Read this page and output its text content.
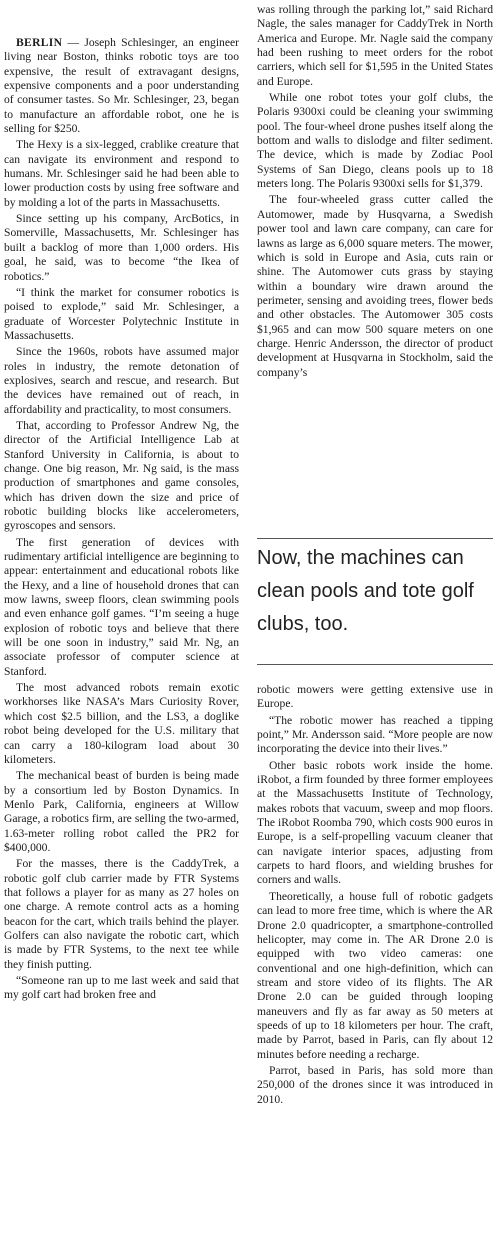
BERLIN — Joseph Schlesinger, an engineer living near Boston, thinks robotic toys are too expensive, the result of extravagant designs, expensive components and a poor understanding of consumer tastes. So Mr. Schlesinger, 23, began to manufacture an affordable robot, one he is selling for $250.

The Hexy is a six-legged, crablike creature that can navigate its environment and respond to humans. Mr. Schlesinger said he had been able to lower production costs by using free software and by molding a lot of the parts in Massachusetts.

Since setting up his company, ArcBotics, in Somerville, Massachusetts, Mr. Schlesinger has built a backlog of more than 1,000 orders. His goal, he said, was to become “the Ikea of robotics.”

“I think the market for consumer robotics is poised to explode,” said Mr. Schlesinger, a graduate of Worcester Polytechnic Institute in Massachusetts.

Since the 1960s, robots have assumed major roles in industry, the remote detonation of explosives, search and rescue, and research. But the devices have remained out of reach, in affordability and practicality, to most consumers.

That, according to Professor Andrew Ng, the director of the Artificial Intelligence Lab at Stanford University in California, is about to change. One big reason, Mr. Ng said, is the mass production of smartphones and game consoles, which has driven down the size and price of robotic building blocks like accelerometers, gyroscopes and sensors.

The first generation of devices with rudimentary artificial intelligence are beginning to appear: entertainment and educational robots like the Hexy, and a line of household drones that can mow lawns, sweep floors, clean swimming pools and even enhance golf games. “I’m seeing a huge explosion of robotic toys and believe that there will be one soon in industry,” said Mr. Ng, an associate professor of computer science at Stanford.

The most advanced robots remain exotic workhorses like NASA’s Mars Curiosity Rover, which cost $2.5 billion, and the LS3, a doglike robot being developed for the U.S. military that can carry a 180-kilogram load about 30 kilometers.

The mechanical beast of burden is being made by a consortium led by Boston Dynamics. In Menlo Park, California, engineers at Willow Garage, a robotics firm, are selling the two-armed, 1.63-meter rolling robot called the PR2 for $400,000.

For the masses, there is the CaddyTrek, a robotic golf club carrier made by FTR Systems that follows a player for as many as 27 holes on one charge. A remote control acts as a homing beacon for the cart, which trails behind the player. Golfers can also navigate the robotic cart, which is made by FTR Systems, to the next tee while they finish putting.

“Someone ran up to me last week and said that my golf cart had broken free and

was rolling through the parking lot,” said Richard Nagle, the sales manager for CaddyTrek in North America and Europe. Mr. Nagle said the company had been rushing to meet orders for the robot carriers, which sell for $1,595 in the United States and Europe.

While one robot totes your golf clubs, the Polaris 9300xi could be cleaning your swimming pool. The four-wheel drone pushes itself along the bottom and walls to dislodge and filter sediment. The device, which is made by Zodiac Pool Systems of San Diego, cleans pools up to 18 meters long. The Polaris 9300xi sells for $1,379.

The four-wheeled grass cutter called the Automower, made by Husqvarna, a Swedish power tool and lawn care company, can care for lawns as large as 6,000 square meters. The mower, which is sold in Europe and Asia, cuts rain or shine. The Automower cuts grass by staying within a boundary wire drawn around the perimeter, sensing and avoiding trees, flower beds and other obstacles. The Automower 305 costs $1,965 and can mow 500 square meters on one charge. Henric Andersson, the director of product development at Husqvarna in Stockholm, said the company’s

Now, the machines can clean pools and tote golf clubs, too.

robotic mowers were getting extensive use in Europe.

“The robotic mower has reached a tipping point,” Mr. Andersson said. “More people are now incorporating the device into their lives.”

Other basic robots work inside the home. iRobot, a firm founded by three former employees at the Massachusetts Institute of Technology, makes robots that vacuum, sweep and mop floors. The iRobot Roomba 790, which costs 900 euros in Europe, is a self-propelling vacuum cleaner that can navigate interior spaces, adjusting from carpets to hard floors, and wielding brushes for corners and walls.

Theoretically, a house full of robotic gadgets can lead to more free time, which is where the AR Drone 2.0 quadricopter, a smartphone-controlled helicopter, may come in. The AR Drone 2.0 is equipped with two video cameras: one conventional and one high-definition, which can stream and store video of its flights. The AR Drone 2.0 can be guided through looping maneuvers and fly as far away as 50 meters at speeds of up to 18 kilometers per hour. The craft, made by Parrot, based in Paris, can fly about 12 minutes before needing a recharge.

Parrot, based in Paris, has sold more than 250,000 of the drones since it was introduced in 2010.
